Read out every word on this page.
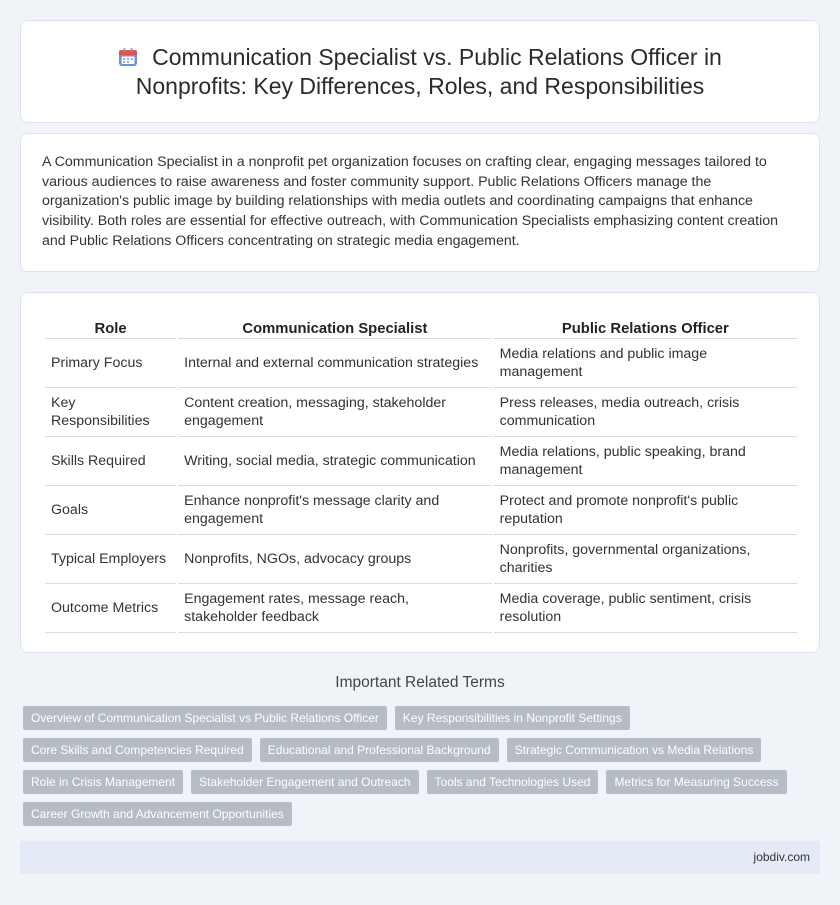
Communication Specialist vs. Public Relations Officer in Nonprofits: Key Differences, Roles, and Responsibilities

A Communication Specialist in a nonprofit pet organization focuses on crafting clear, engaging messages tailored to various audiences to raise awareness and foster community support. Public Relations Officers manage the organization's public image by building relationships with media outlets and coordinating campaigns that enhance visibility. Both roles are essential for effective outreach, with Communication Specialists emphasizing content creation and Public Relations Officers concentrating on strategic media engagement.

Role	Communication Specialist	Public Relations Officer
Primary Focus	Internal and external communication strategies	Media relations and public image management
Key Responsibilities	Content creation, messaging, stakeholder engagement	Press releases, media outreach, crisis communication
Skills Required	Writing, social media, strategic communication	Media relations, public speaking, brand management
Goals	Enhance nonprofit's message clarity and engagement	Protect and promote nonprofit's public reputation
Typical Employers	Nonprofits, NGOs, advocacy groups	Nonprofits, governmental organizations, charities
Outcome Metrics	Engagement rates, message reach, stakeholder feedback	Media coverage, public sentiment, crisis resolution
Important Related Terms
Overview of Communication Specialist vs Public Relations Officer	Key Responsibilities in Nonprofit Settings
Core Skills and Competencies Required	Educational and Professional Background	Strategic Communication vs Media Relations
Role in Crisis Management	Stakeholder Engagement and Outreach	Tools and Technologies Used	Metrics for Measuring Success
Career Growth and Advancement Opportunities
jobdiv.com
